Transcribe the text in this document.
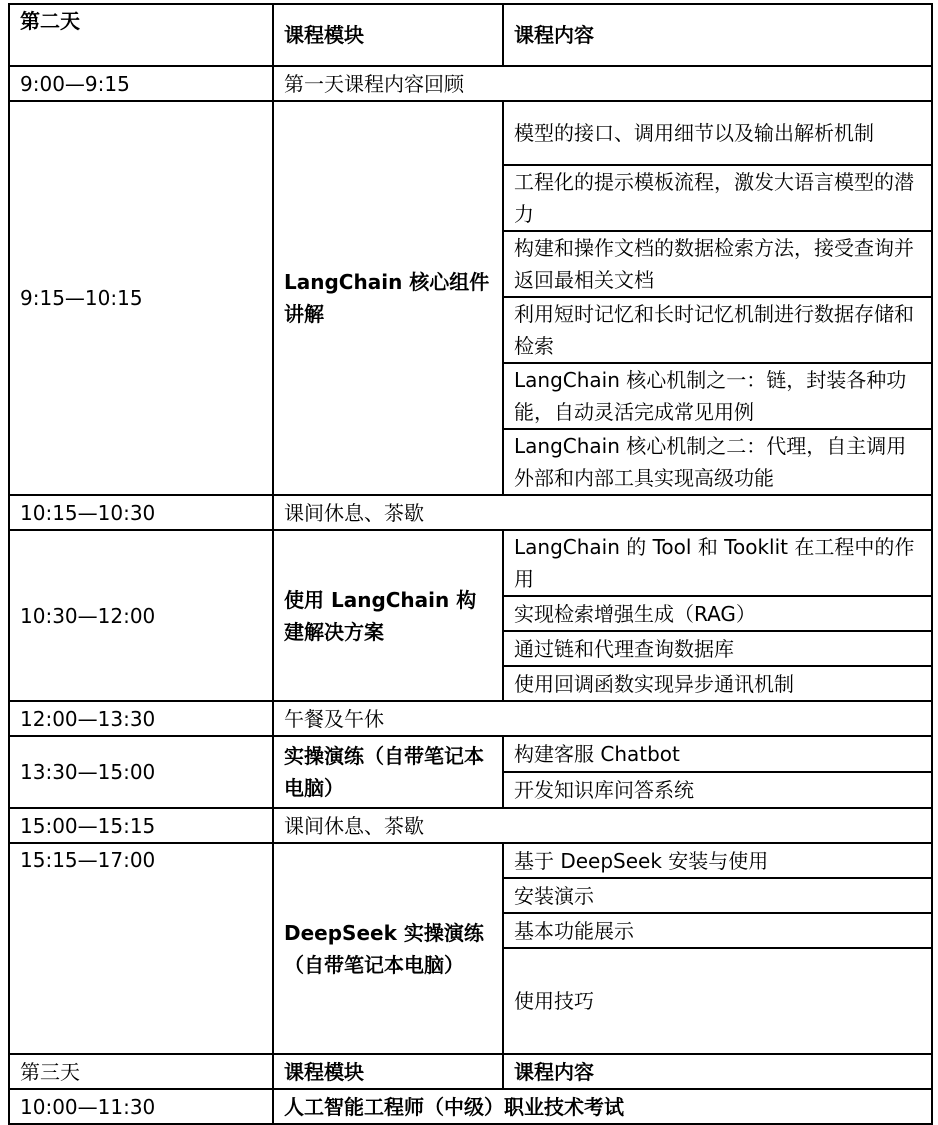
第二天	课程模块	课程内容
9:00—9:15	第一天课程内容回顾	
9:15—10:15	LangChain 核心组件讲解	模型的接口、调用细节以及输出解析机制
		工程化的提示模板流程，激发大语言模型的潜力
		构建和操作文档的数据检索方法，接受查询并返回最相关文档
		利用短时记忆和长时记忆机制进行数据存储和检索
		LangChain 核心机制之一：链，封装各种功能，自动灵活完成常见用例
		LangChain 核心机制之二：代理，自主调用外部和内部工具实现高级功能
10:15—10:30	课间休息、茶歇	
10:30—12:00	使用 LangChain 构建解决方案	LangChain 的 Tool 和 Tooklit 在工程中的作用
		实现检索增强生成（RAG）
		通过链和代理查询数据库
		使用回调函数实现异步通讯机制
12:00—13:30	午餐及午休	
13:30—15:00	实操演练（自带笔记本电脑）	构建客服 Chatbot
		开发知识库问答系统
15:00—15:15	课间休息、茶歇	
15:15—17:00	DeepSeek 实操演练（自带笔记本电脑）	基于 DeepSeek 安装与使用
		安装演示
		基本功能展示
		使用技巧
第三天	课程模块	课程内容
10:00—11:30	人工智能工程师（中级）职业技术考试	
